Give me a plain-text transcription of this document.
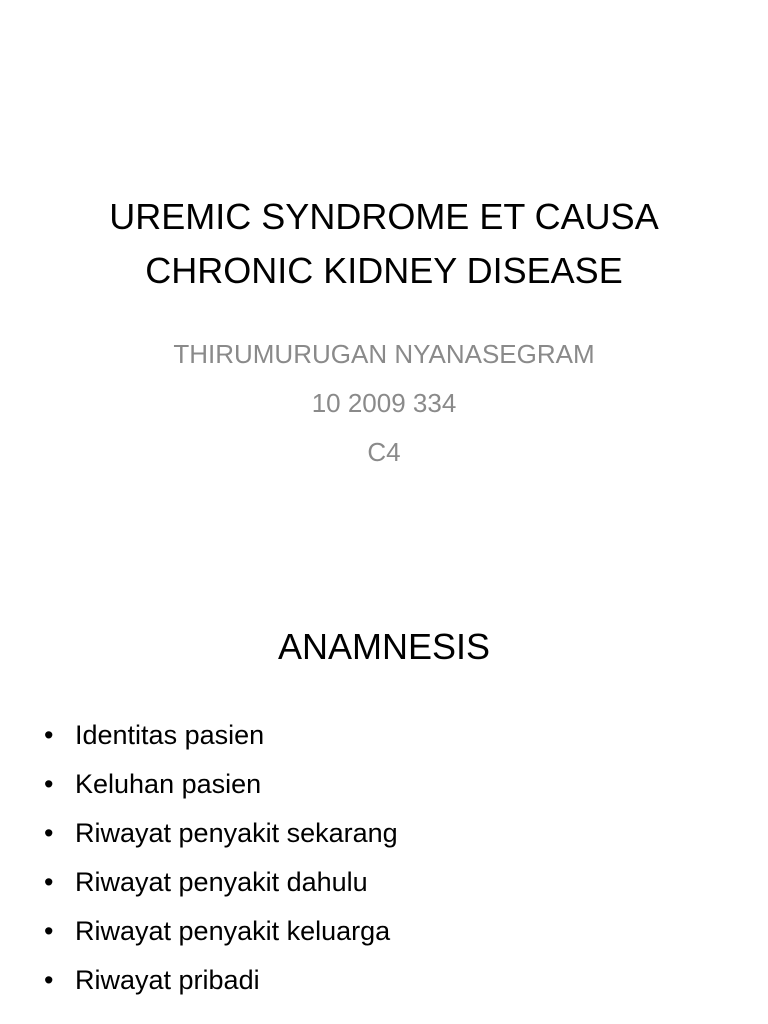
UREMIC SYNDROME ET CAUSA
CHRONIC KIDNEY DISEASE
THIRUMURUGAN NYANASEGRAM
10 2009 334
C4
ANAMNESIS
• Identitas pasien
• Keluhan pasien
• Riwayat penyakit sekarang
• Riwayat penyakit dahulu
• Riwayat penyakit keluarga
• Riwayat pribadi
